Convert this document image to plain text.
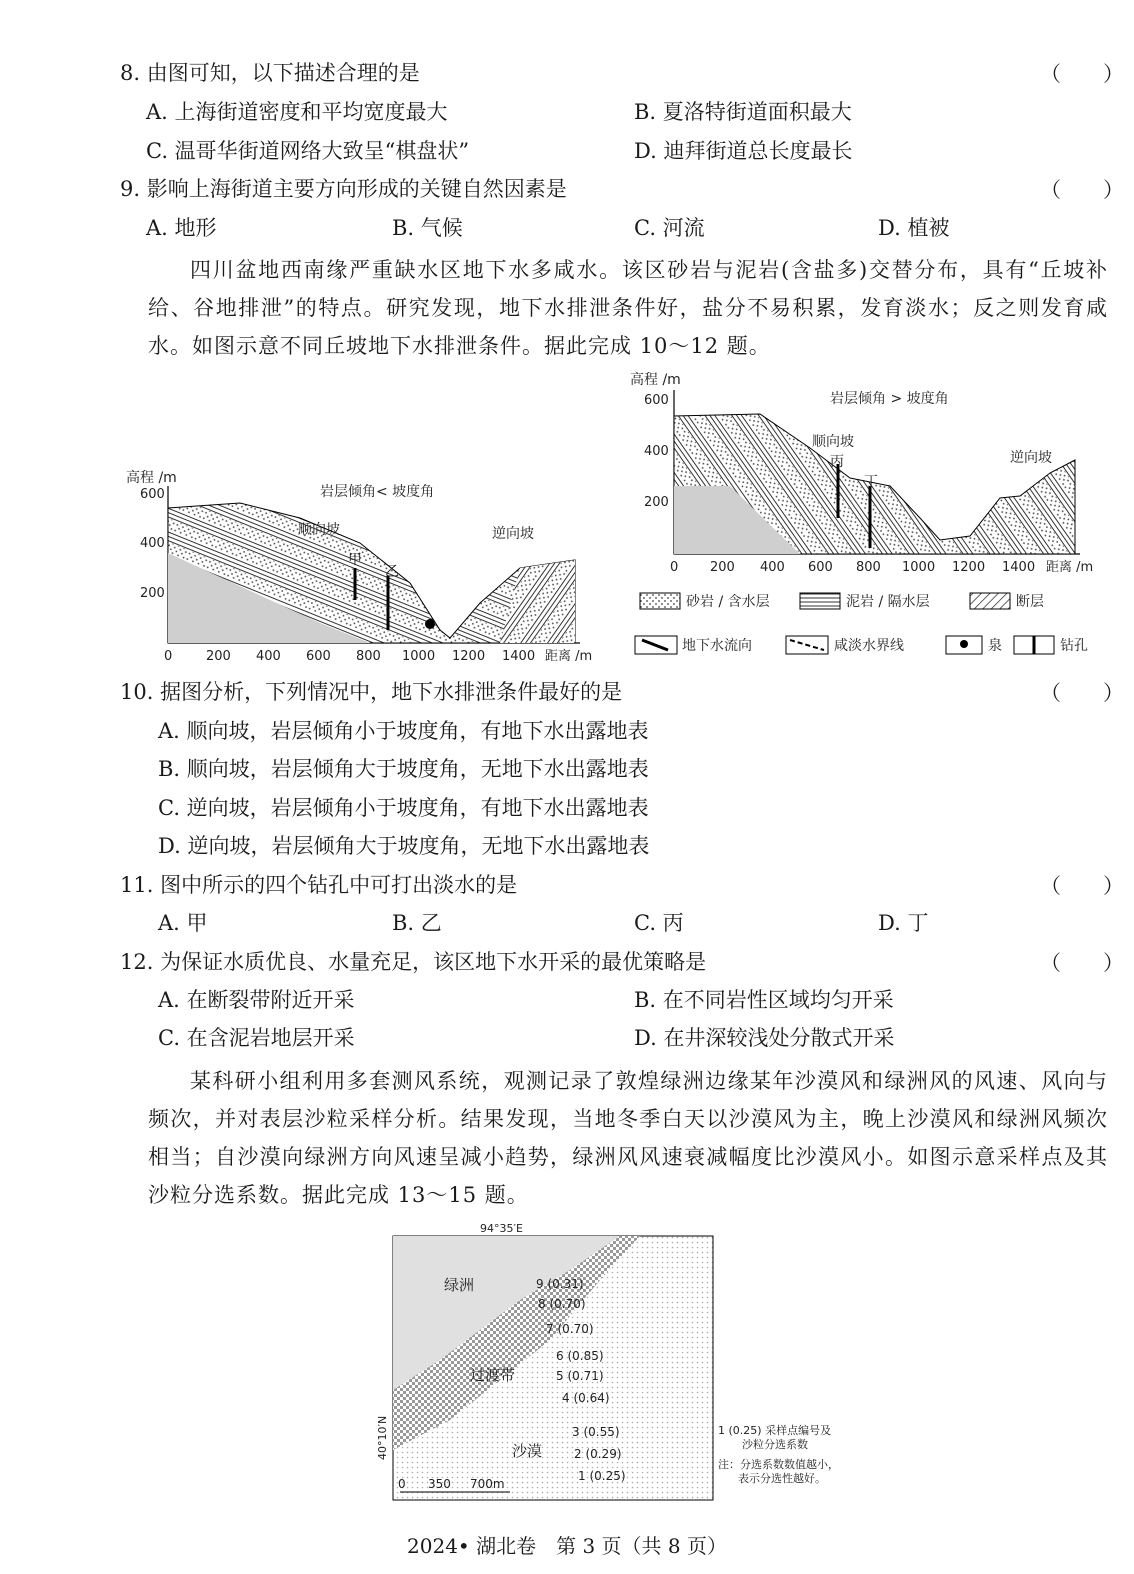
8. 由图可知，以下描述合理的是	（　　）
A. 上海街道密度和平均宽度最大	B. 夏洛特街道面积最大
C. 温哥华街道网络大致呈“棋盘状”	D. 迪拜街道总长度最长
9. 影响上海街道主要方向形成的关键自然因素是	（　　）
A. 地形	B. 气候	C. 河流	D. 植被
四川盆地西南缘严重缺水区地下水多咸水。该区砂岩与泥岩(含盐多)交替分布，具有“丘坡补给、谷地排泄”的特点。研究发现，地下水排泄条件好，盐分不易积累，发育淡水；反之则发育咸水。如图示意不同丘坡地下水排泄条件。据此完成 10～12 题。
高程 /m
600
400
200
岩层倾角< 坡度角
顺向坡	逆向坡
甲
乙
0	200 400 600 800 1000 1200 1400 距离 /m
高程 /m
600
400
200
岩层倾角 > 坡度角
顺向坡
逆向坡
丙
丁
0 200 400 600 800 1000 1200 1400 距离 /m
砂岩 / 含水层	泥岩 / 隔水层	断层
地下水流向	咸淡水界线	泉	钻孔
10. 据图分析，下列情况中，地下水排泄条件最好的是	（　　）
A. 顺向坡，岩层倾角小于坡度角，有地下水出露地表
B. 顺向坡，岩层倾角大于坡度角，无地下水出露地表
C. 逆向坡，岩层倾角小于坡度角，有地下水出露地表
D. 逆向坡，岩层倾角大于坡度角，无地下水出露地表
11. 图中所示的四个钻孔中可打出淡水的是	（　　）
A. 甲	B. 乙	C. 丙	D. 丁
12. 为保证水质优良、水量充足，该区地下水开采的最优策略是	（　　）
A. 在断裂带附近开采	B. 在不同岩性区域均匀开采
C. 在含泥岩地层开采	D. 在井深较浅处分散式开采
某科研小组利用多套测风系统，观测记录了敦煌绿洲边缘某年沙漠风和绿洲风的风速、风向与频次，并对表层沙粒采样分析。结果发现，当地冬季白天以沙漠风为主，晚上沙漠风和绿洲风频次相当；自沙漠向绿洲方向风速呈减小趋势，绿洲风风速衰减幅度比沙漠风小。如图示意采样点及其沙粒分选系数。据此完成 13～15 题。
94°35′E
40°10′N
绿洲
过渡带
沙漠
9 (0.31)
8 (0.70)
7 (0.70)
6 (0.85)
5 (0.71)
4 (0.64)
3 (0.55)
2 (0.29)
1 (0.25)
0 350 700m
1 (0.25) 采样点编号及
沙粒分选系数
注：分选系数数值越小，
表示分选性越好。
2024• 湖北卷　第 3 页（共 8 页）
